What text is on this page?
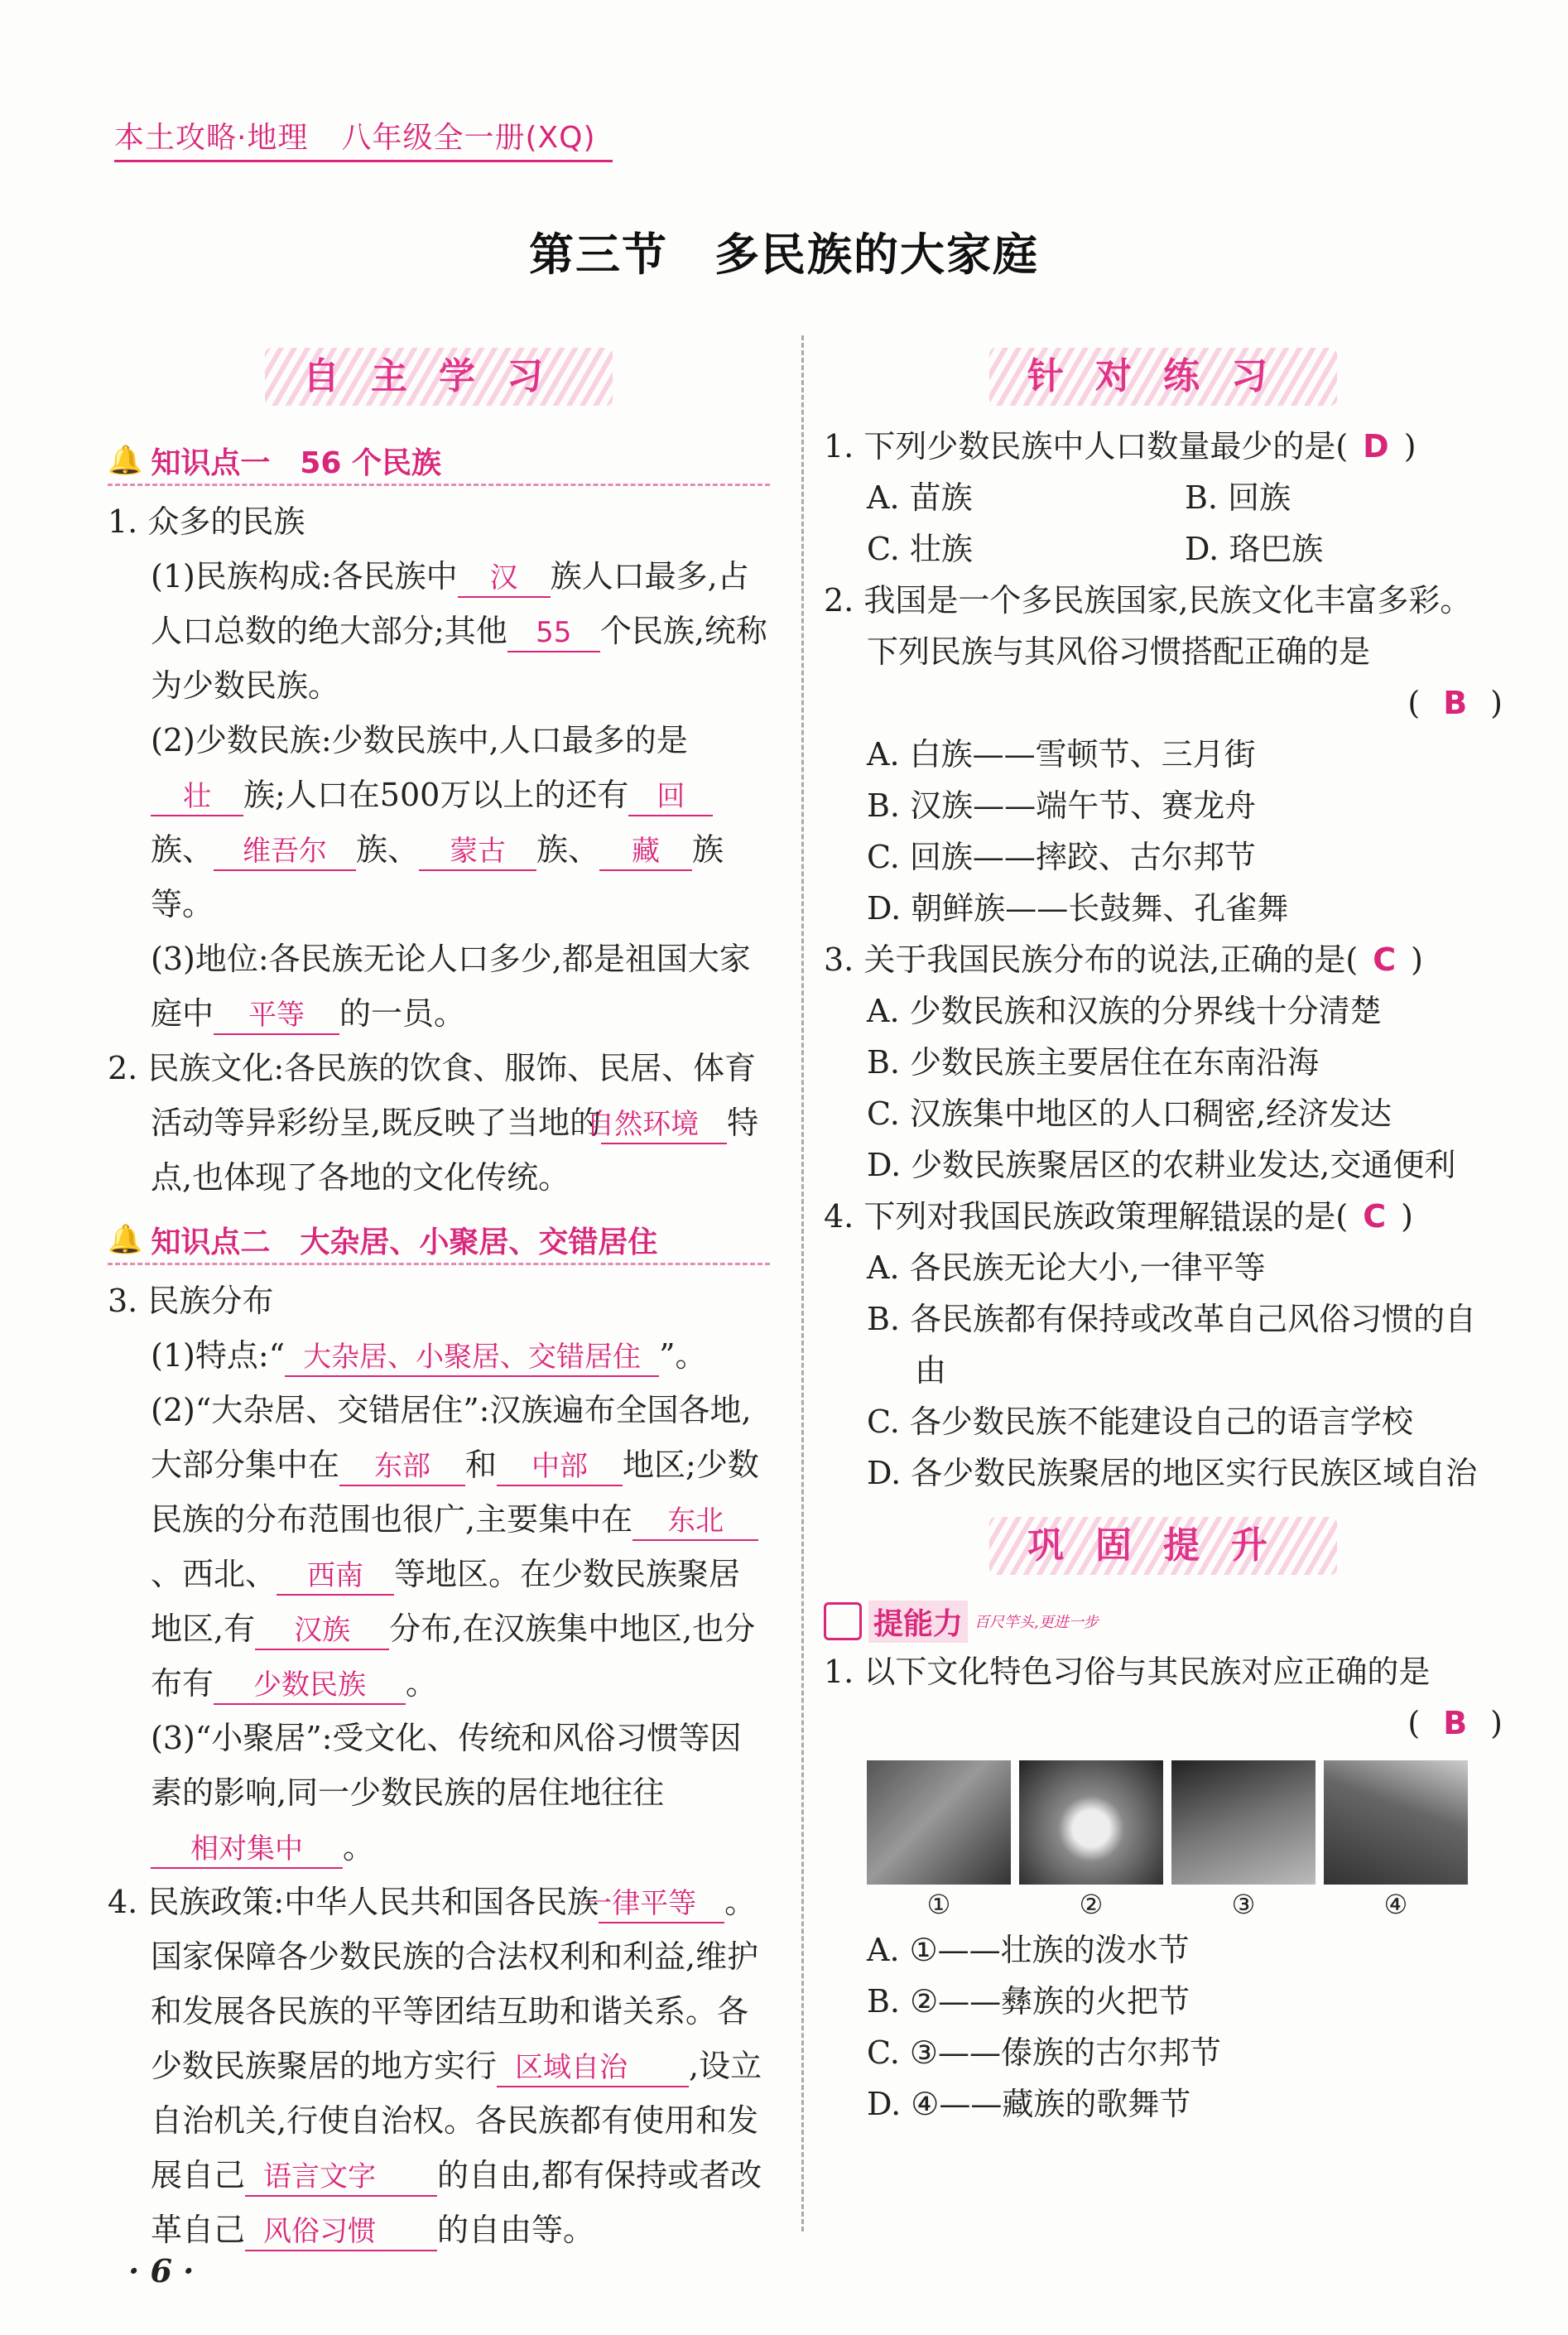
本土攻略·地理 八年级全一册(XQ)
第三节　多民族的大家庭
自主学习
🔔 知识点一 56 个民族

1. 众多的民族

(1)民族构成:各民族中 汉 族人口最多,占人口总数的绝大部分;其他 55 个民族,统称为少数民族。

(2)少数民族:少数民族中,人口最多的是壮 族;人口在500万以上的还有 回族、 维吾尔 族、 蒙古 族、 藏 族等。

(3)地位:各民族无论人口多少,都是祖国大家庭中 平等 的一员。

2. 民族文化:各民族的饮食、服饰、民居、体育活动等异彩纷呈,既反映了当地的自然环境 特点,也体现了各地的文化传统。

🔔 知识点二 大杂居、小聚居、交错居住

3. 民族分布

(1)特点:“ 大杂居、小聚居、交错居住 ”。

(2)“大杂居、交错居住”:汉族遍布全国各地,大部分集中在 东部 和 中部 地区;少数民族的分布范围也很广,主要集中在 东北、西北、 西南 等地区。在少数民族聚居地区,有 汉族 分布,在汉族集中地区,也分布有 少数民族 。

(3)“小聚居”:受文化、传统和风俗习惯等因素的影响,同一少数民族的居住地往往相对集中 。

4. 民族政策:中华人民共和国各民族一律平等 。国家保障各少数民族的合法权利和利益,维护和发展各民族的平等团结互助和谐关系。各少数民族聚居的地方实行 区域自治 ,设立自治机关,行使自治权。各民族都有使用和发展自己 语言文字 的自由,都有保持或者改革自己 风俗习惯 的自由等。

针对练习

1. 下列少数民族中人口数量最少的是( D )

A. 苗族	B. 回族
C. 壮族	D. 珞巴族

2. 我国是一个多民族国家,民族文化丰富多彩。下列民族与其风俗习惯搭配正确的是

( B )

A. 白族——雪顿节、三月街

B. 汉族——端午节、赛龙舟

C. 回族——摔跤、古尔邦节

D. 朝鲜族——长鼓舞、孔雀舞

3. 关于我国民族分布的说法,正确的是( C )

A. 少数民族和汉族的分界线十分清楚

B. 少数民族主要居住在东南沿海

C. 汉族集中地区的人口稠密,经济发达

D. 少数民族聚居区的农耕业发达,交通便利

4. 下列对我国民族政策理解错误的是( C )

A. 各民族无论大小,一律平等

B. 各民族都有保持或改革自己风俗习惯的自由

C. 各少数民族不能建设自己的语言学校

D. 各少数民族聚居的地区实行民族区域自治

巩固提升
提能力 百尺竿头,更进一步

1. 以下文化特色习俗与其民族对应正确的是

( B )

①	②	③	④

A. ①——壮族的泼水节

B. ②——彝族的火把节

C. ③——傣族的古尔邦节

D. ④——藏族的歌舞节

· 6 ·
